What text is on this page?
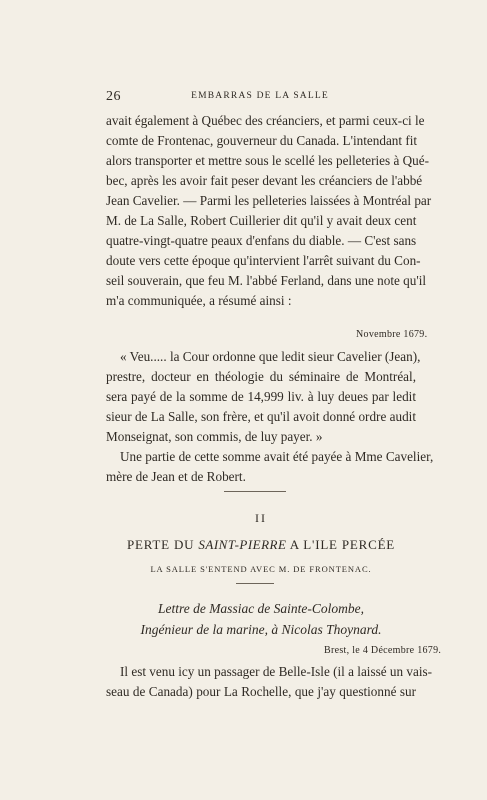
26	EMBARRAS DE LA SALLE
avait également à Québec des créanciers, et parmi ceux-ci le
comte de Frontenac, gouverneur du Canada. L'intendant fit
alors transporter et mettre sous le scellé les pelleteries à Qué-
bec, après les avoir fait peser devant les créanciers de l'abbé
Jean Cavelier. — Parmi les pelleteries laissées à Montréal par
M. de La Salle, Robert Cuillerier dit qu'il y avait deux cent
quatre-vingt-quatre peaux d'enfans du diable. — C'est sans
doute vers cette époque qu'intervient l'arrêt suivant du Con-
seil souverain, que feu M. l'abbé Ferland, dans une note qu'il
m'a communiquée, a résumé ainsi :
Novembre 1679.
« Veu..... la Cour ordonne que ledit sieur Cavelier (Jean),
prestre, docteur en théologie du séminaire de Montréal,
sera payé de la somme de 14,999 liv. à luy deues par ledit
sieur de La Salle, son frère, et qu'il avoit donné ordre audit
Monseignat, son commis, de luy payer. »
Une partie de cette somme avait été payée à Mme Cavelier,
mère de Jean et de Robert.
II
PERTE DU SAINT-PIERRE A L'ILE PERCÉE
LA SALLE S'ENTEND AVEC M. DE FRONTENAC.
Lettre de Massiac de Sainte-Colombe,
Ingénieur de la marine, à Nicolas Thoynard.
Brest, le 4 Décembre 1679.
Il est venu icy un passager de Belle-Isle (il a laissé un vais-
seau de Canada) pour La Rochelle, que j'ay questionné sur
